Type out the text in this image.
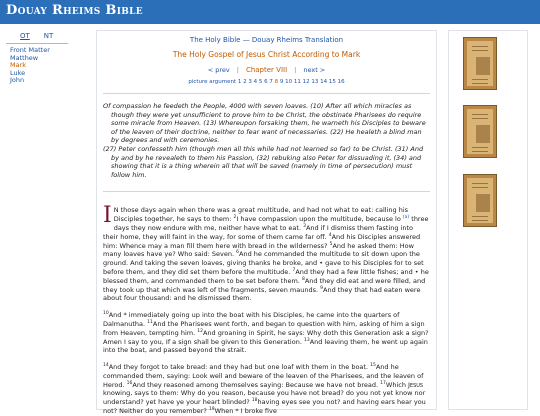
Douay Rheims Bible
OT NT
Front Matter
Matthew
Mark
Luke
John
The Holy Bible — Douay Rheims Translation
The Holy Gospel of Jesus Christ According to Mark
< prev | Chapter VIII | next >
picture argument 1 2 3 4 5 6 7 8 9 10 11 12 13 14 15 16

Of compassion he feedeth the People, 4000 with seven loaves. (10) After all which miracles as though they were yet unsufficient to prove him to be Christ, the obstinate Pharisees do require some miracle from Heaven. (13) Whereupon forsaking them, he warneth his Disciples to beware of the leaven of their doctrine, neither to fear want of necessaries. (22) He healeth a blind man by degrees and with ceremonies.

(27) Peter confesseth him (though men all this while had not learned so far) to be Christ. (31) And by and by he revealeth to them his Passion, (32) rebuking also Peter for dissuading it, (34) and showing that it is a thing wherein all that will be saved (namely in time of persecution) must follow him.

I N those days again when there was a great multitude, and had not what to eat: calling his Disciples together, he says to them: $^2$I have compassion upon the multitude, because lo $^{(a)}$ three days they now endure with me, neither have what to eat. $^3$And if I dismiss them fasting into their home, they will faint in the way, for some of them came far off. $^4$And his Disciples answered him: Whence may a man fill them here with bread in the wilderness? $^5$And he asked them: How many loaves have ye? Who said: Seven. $^6$And he commanded the multitude to sit down upon the ground. And taking the seven loaves, giving thanks he broke, and • gave to his Disciples for to set before them, and they did set them before the multitude. $^7$And they had a few little fishes; and • he blessed them, and commanded them to be set before them. $^8$And they did eat and were filled, and they took up that which was left of the fragments, seven maunds. $^9$And they that had eaten were about four thousand: and he dismissed them.
$^{10}$And * immediately going up into the boat with his Disciples, he came into the quarters of Dalmanutha. $^{11}$And the Pharisees went forth, and began to question with him, asking of him a sign from Heaven, tempting him. $^{12}$And groaning in Spirit, he says: Why doth this Generation ask a sign? Amen I say to you, If a sign shall be given to this Generation. $^{13}$And leaving them, he went up again into the boat, and passed beyond the strait.
$^{14}$And they forgot to take bread: and they had but one loaf with them in the boat. $^{15}$And he commanded them, saying: Look well and beware of the leaven of the Pharisees, and the leaven of Herod. $^{16}$And they reasoned among themselves saying: Because we have not bread. $^{17}$Which Jesus knowing, says to them: Why do you reason, because you have not bread? do you not yet know nor understand? yet have ye your heart blinded? $^{18}$having eyes see you not? and having ears hear you not? Neither do you remember? $^{19}$When * I broke five
